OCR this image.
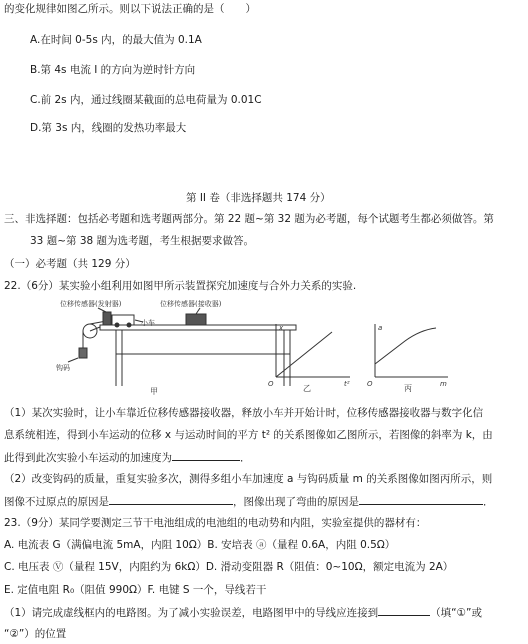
的变化规律如图乙所示。则以下说法正确的是（　　）
A.在时间 0-5s 内，的最大值为 0.1A
B.第 4s 电流 I 的方向为逆时针方向
C.前 2s 内，通过线圈某截面的总电荷量为 0.01C
D.第 3s 内，线圈的发热功率最大
第 II 卷（非选择题共 174 分）
三、非选择题：包括必考题和选考题两部分。第 22 题~第 32 题为必考题，每个试题考生都必须做答。第
33 题~第 38 题为选考题，考生根据要求做答。
（一）必考题（共 129 分）
22.（6分）某实验小组利用如图甲所示装置探究加速度与合外力关系的实验.
位移传感器(发射器)	位移传感器(接收器)
小车
钩码
甲
x
t²
O	乙
a
m
O	丙
（1）某次实验时，让小车靠近位移传感器接收器，释放小车并开始计时，位移传感器接收器与数字化信
息系统相连，得到小车运动的位移 x 与运动时间的平方 t² 的关系图像如乙图所示，若图像的斜率为 k，由
此得到此次实验小车运动的加速度为	．
（2）改变钩码的质量，重复实验多次，测得多组小车加速度 a 与钩码质量 m 的关系图像如图丙所示，则
图像不过原点的原因是	，图像出现了弯曲的原因是	．
23.（9分）某同学要测定三节干电池组成的电池组的电动势和内阻，实验室提供的器材有：
A. 电流表 G（满偏电流 5mA，内阻 10Ω）B. 安培表 ⓐ（量程 0.6A，内阻 0.5Ω）
C. 电压表 Ⓥ（量程 15V，内阻约为 6kΩ）D. 滑动变阻器 R（阻值：0~10Ω，额定电流为 2A）
E. 定值电阻 R₀（阻值 990Ω）F. 电键 S 一个，导线若干
（1）请完成虚线框内的电路图。为了减小实验误差，电路图甲中的导线应连接到	（填“①”或
“②”）的位置
